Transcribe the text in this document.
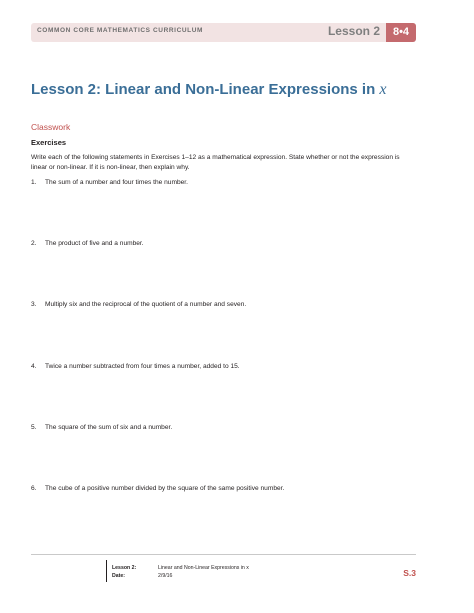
COMMON CORE MATHEMATICS CURRICULUM	Lesson 2	8•4
Lesson 2: Linear and Non-Linear Expressions in x
Classwork
Exercises
Write each of the following statements in Exercises 1–12 as a mathematical expression. State whether or not the expression is linear or non-linear. If it is non-linear, then explain why.
1. The sum of a number and four times the number.
2. The product of five and a number.
3. Multiply six and the reciprocal of the quotient of a number and seven.
4. Twice a number subtracted from four times a number, added to 15.
5. The square of the sum of six and a number.
6. The cube of a positive number divided by the square of the same positive number.
Lesson 2:	Linear and Non-Linear Expressions in x
Date:	2/9/16	S.3
